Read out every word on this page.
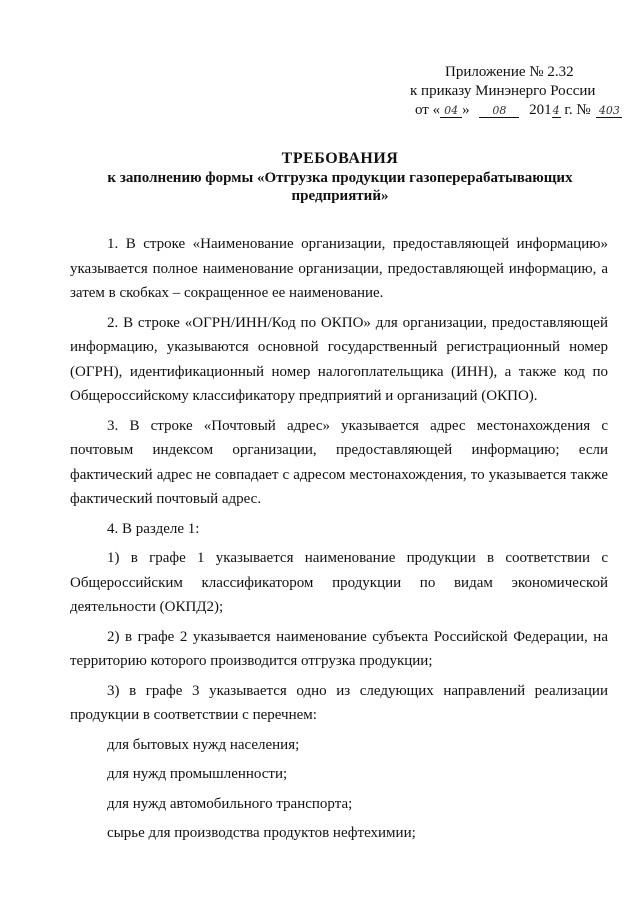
Приложение № 2.32
к приказу Минэнерго России
от « 04 » 08 2014 г. № 403
ТРЕБОВАНИЯ
к заполнению формы «Отгрузка продукции газоперерабатывающих предприятий»

1. В строке «Наименование организации, предоставляющей информацию» указывается полное наименование организации, предоставляющей информацию, а затем в скобках – сокращенное ее наименование.

2. В строке «ОГРН/ИНН/Код по ОКПО» для организации, предоставляющей информацию, указываются основной государственный регистрационный номер (ОГРН), идентификационный номер налогоплательщика (ИНН), а также код по Общероссийскому классификатору предприятий и организаций (ОКПО).

3. В строке «Почтовый адрес» указывается адрес местонахождения с почтовым индексом организации, предоставляющей информацию; если фактический адрес не совпадает с адресом местонахождения, то указывается также фактический почтовый адрес.

4. В разделе 1:

1) в графе 1 указывается наименование продукции в соответствии с Общероссийским классификатором продукции по видам экономической деятельности (ОКПД2);

2) в графе 2 указывается наименование субъекта Российской Федерации, на территорию которого производится отгрузка продукции;

3) в графе 3 указывается одно из следующих направлений реализации продукции в соответствии с перечнем:

для бытовых нужд населения;

для нужд промышленности;

для нужд автомобильного транспорта;

сырье для производства продуктов нефтехимии;
